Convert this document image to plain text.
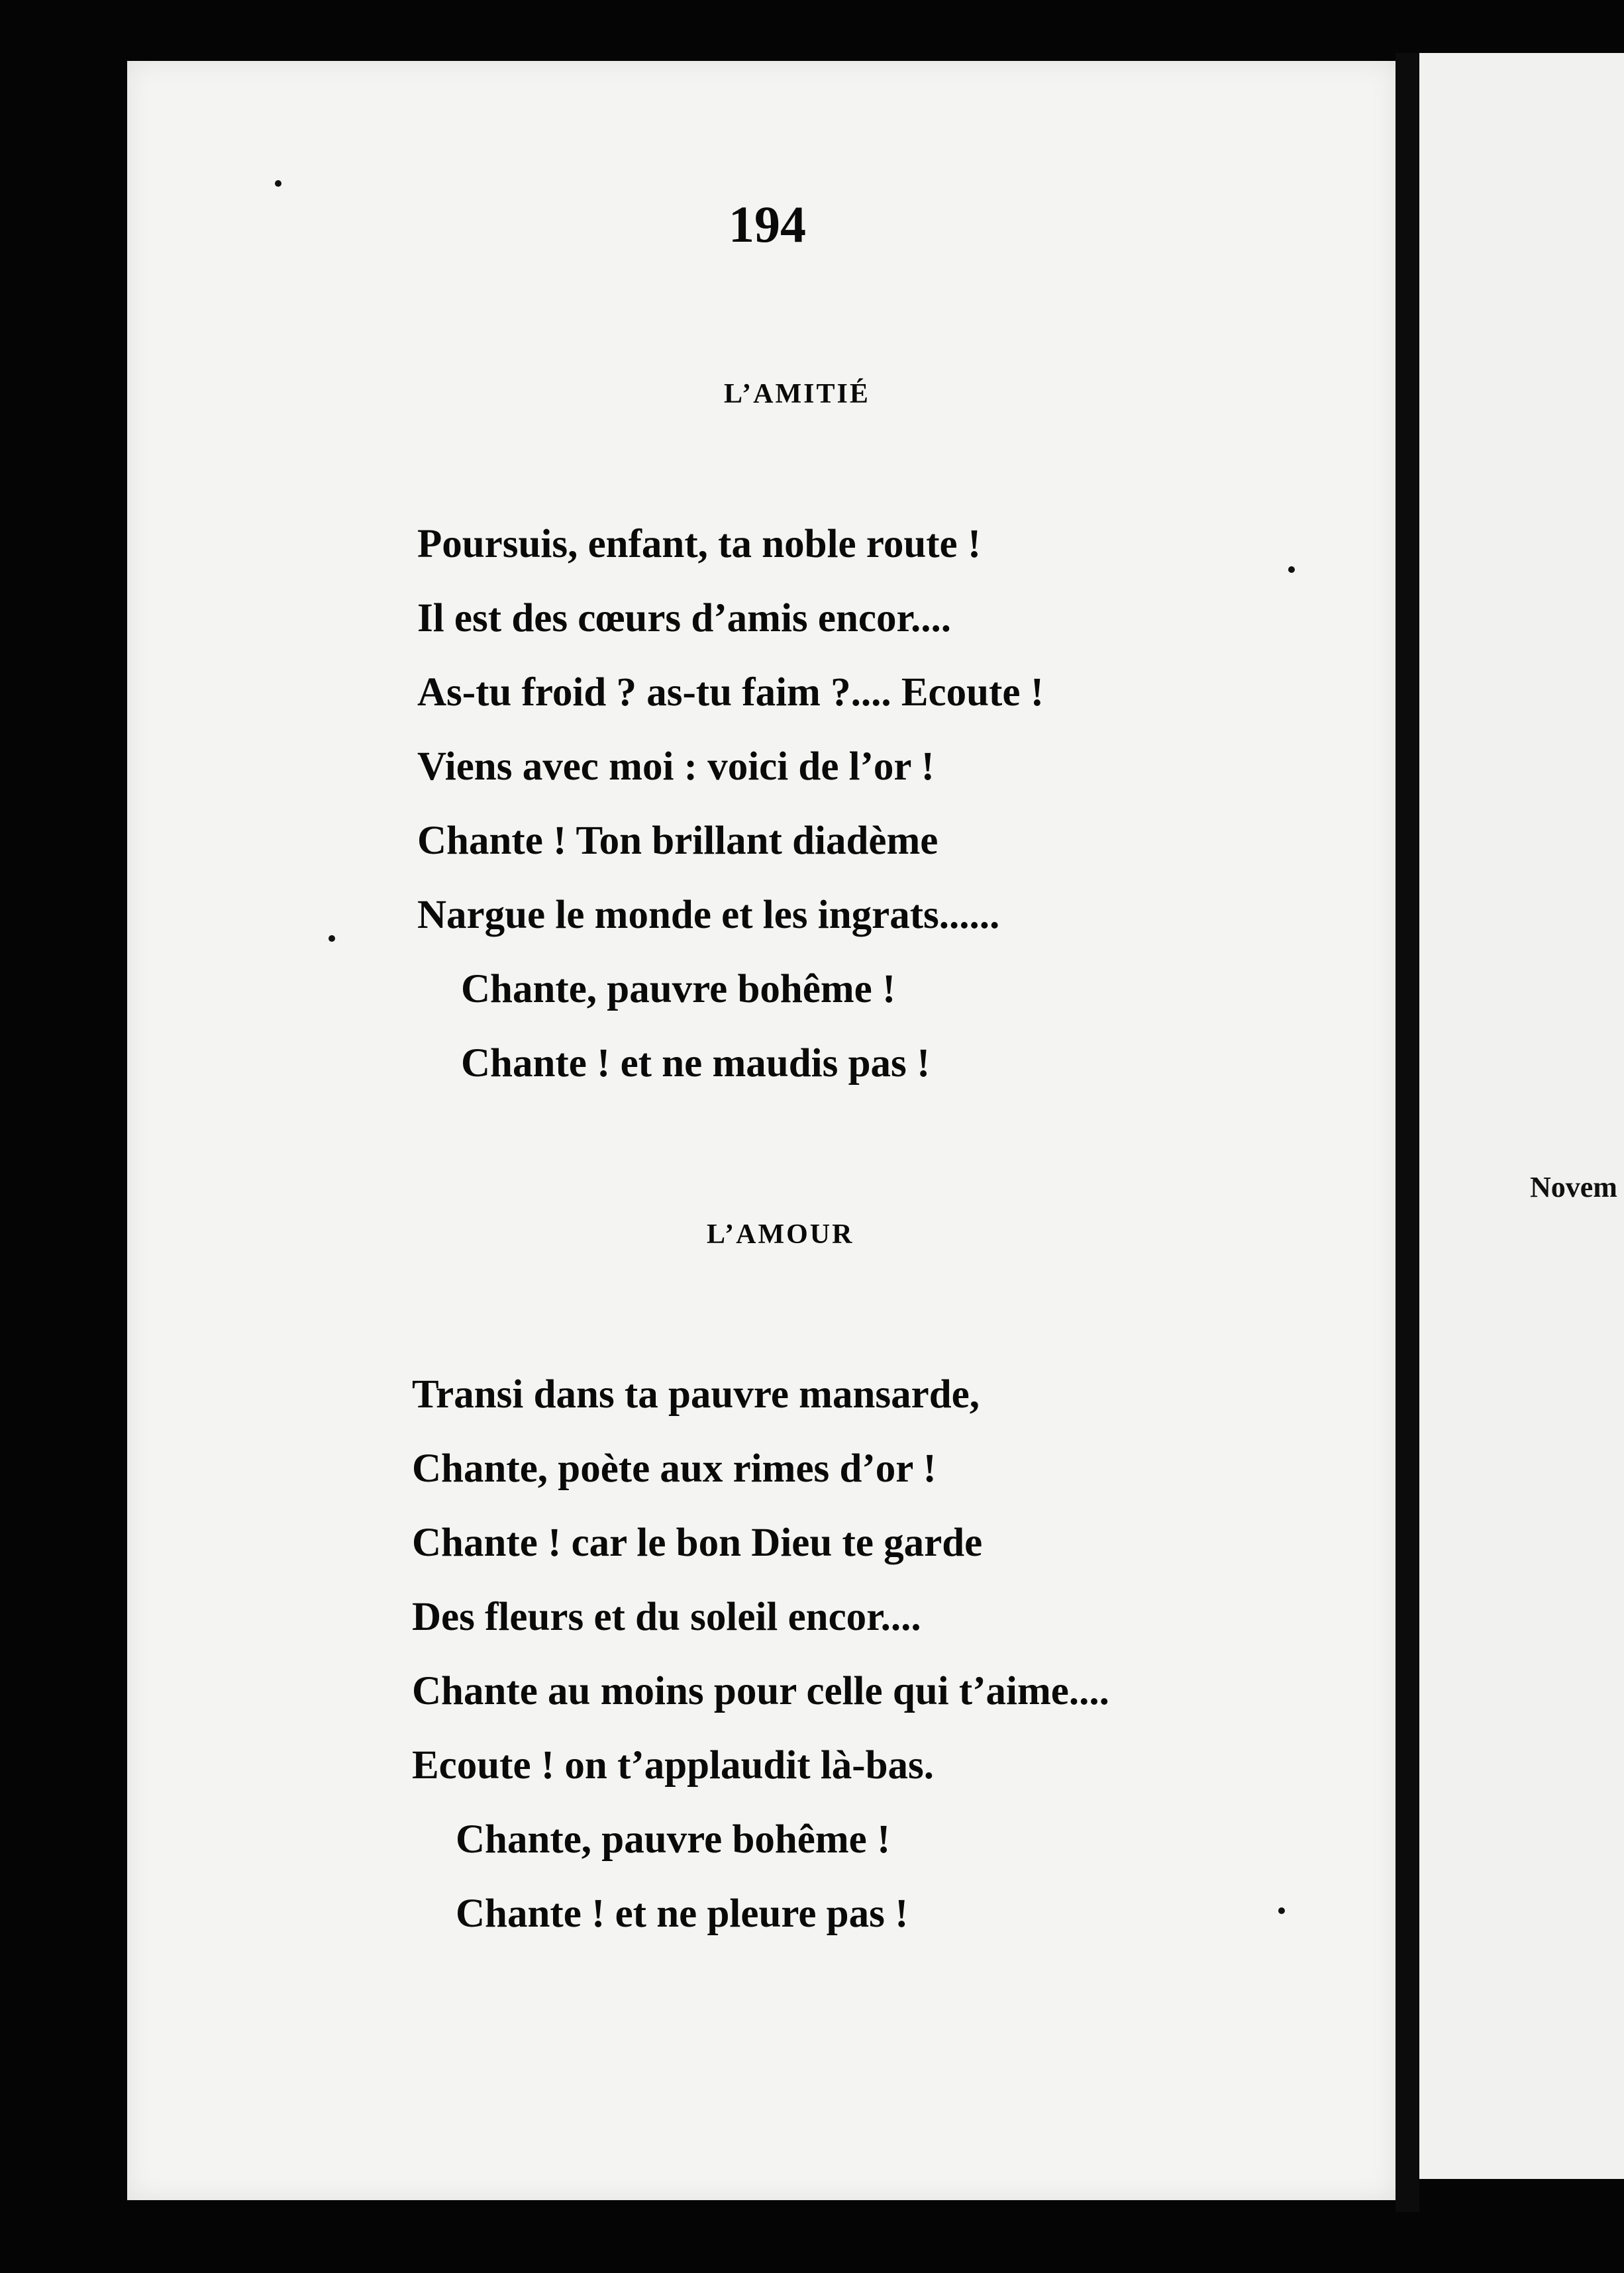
Novem
194
L’AMITIÉ
Poursuis, enfant, ta noble route !
Il est des cœurs d’amis encor....
As-tu froid ? as-tu faim ?.... Ecoute !
Viens avec moi : voici de l’or !
Chante ! Ton brillant diadème
Nargue le monde et les ingrats......
Chante, pauvre bohême !
Chante ! et ne maudis pas !
L’AMOUR
Transi dans ta pauvre mansarde,
Chante, poète aux rimes d’or !
Chante ! car le bon Dieu te garde
Des fleurs et du soleil encor....
Chante au moins pour celle qui t’aime....
Ecoute ! on t’applaudit là-bas.
Chante, pauvre bohême !
Chante ! et ne pleure pas !
